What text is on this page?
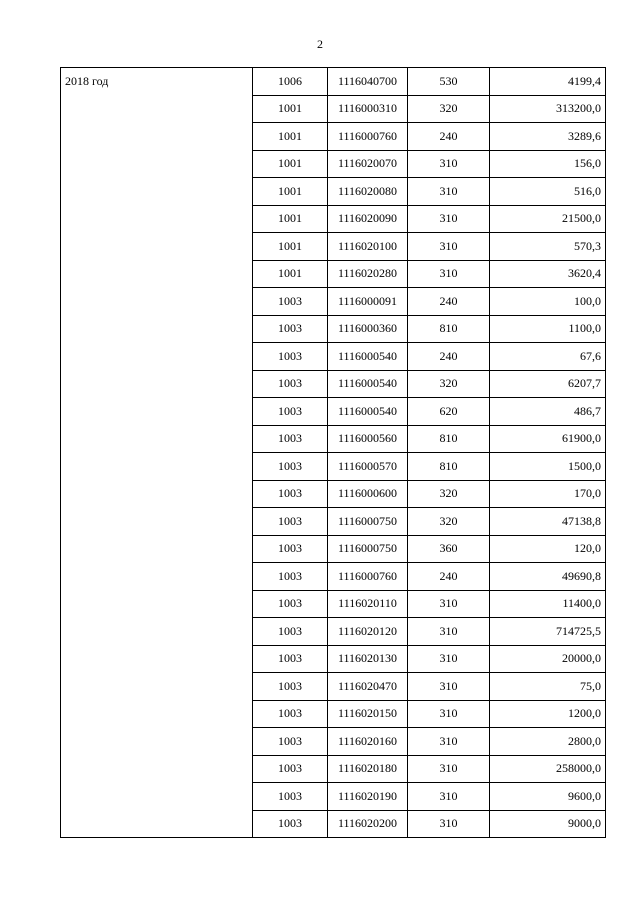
2
2018 год	1006	1116040700	530	4199,4
	1001	1116000310	320	313200,0
	1001	1116000760	240	3289,6
	1001	1116020070	310	156,0
	1001	1116020080	310	516,0
	1001	1116020090	310	21500,0
	1001	1116020100	310	570,3
	1001	1116020280	310	3620,4
	1003	1116000091	240	100,0
	1003	1116000360	810	1100,0
	1003	1116000540	240	67,6
	1003	1116000540	320	6207,7
	1003	1116000540	620	486,7
	1003	1116000560	810	61900,0
	1003	1116000570	810	1500,0
	1003	1116000600	320	170,0
	1003	1116000750	320	47138,8
	1003	1116000750	360	120,0
	1003	1116000760	240	49690,8
	1003	1116020110	310	11400,0
	1003	1116020120	310	714725,5
	1003	1116020130	310	20000,0
	1003	1116020470	310	75,0
	1003	1116020150	310	1200,0
	1003	1116020160	310	2800,0
	1003	1116020180	310	258000,0
	1003	1116020190	310	9600,0
	1003	1116020200	310	9000,0
